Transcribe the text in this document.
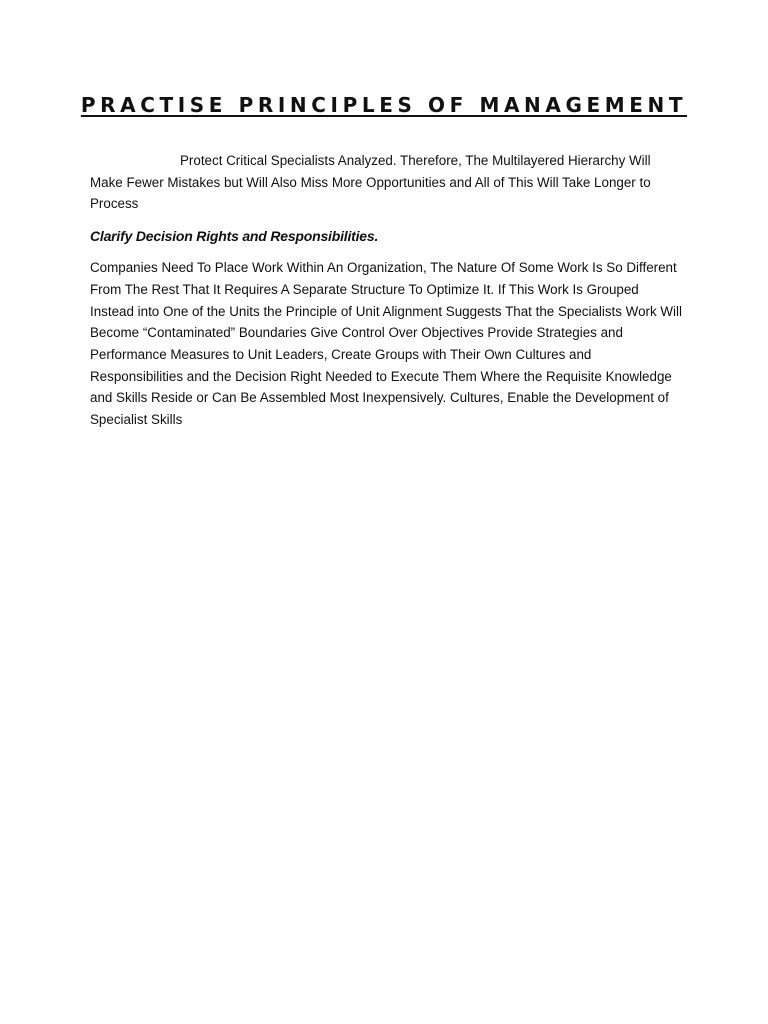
PRACTISE PRINCIPLES OF MANAGEMENT

Protect Critical Specialists Analyzed. Therefore, The Multilayered Hierarchy Will Make Fewer Mistakes but Will Also Miss More Opportunities and All of This Will Take Longer to Process

Clarify Decision Rights and Responsibilities.

Companies Need To Place Work Within An Organization, The Nature Of Some Work Is So Different From The Rest That It Requires A Separate Structure To Optimize It. If This Work Is Grouped Instead into One of the Units the Principle of Unit Alignment Suggests That the Specialists Work Will Become “Contaminated” Boundaries Give Control Over Objectives Provide Strategies and Performance Measures to Unit Leaders, Create Groups with Their Own Cultures and Responsibilities and the Decision Right Needed to Execute Them Where the Requisite Knowledge and Skills Reside or Can Be Assembled Most Inexpensively. Cultures, Enable the Development of Specialist Skills
